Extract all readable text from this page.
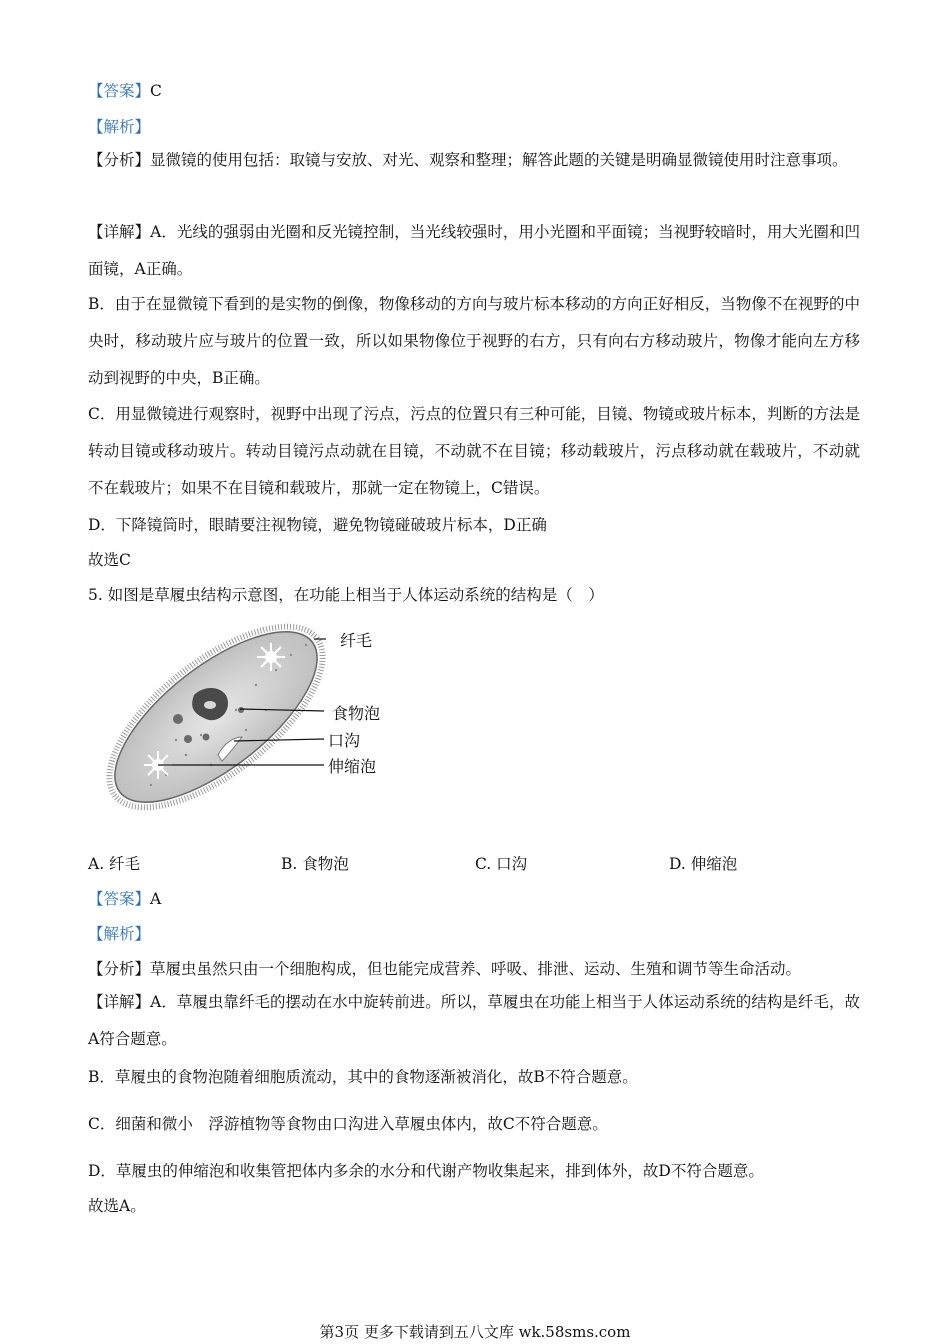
【答案】C
【解析】
【分析】显微镜的使用包括：取镜与安放、对光、观察和整理；解答此题的关键是明确显微镜使用时注意事项。
【详解】A．光线的强弱由光圈和反光镜控制，当光线较强时，用小光圈和平面镜；当视野较暗时，用大光圈和凹面镜，A正确。
B．由于在显微镜下看到的是实物的倒像，物像移动的方向与玻片标本移动的方向正好相反，当物像不在视野的中央时，移动玻片应与玻片的位置一致，所以如果物像位于视野的右方，只有向右方移动玻片，物像才能向左方移动到视野的中央，B正确。
C．用显微镜进行观察时，视野中出现了污点，污点的位置只有三种可能，目镜、物镜或玻片标本，判断的方法是转动目镜或移动玻片。转动目镜污点动就在目镜，不动就不在目镜；移动载玻片，污点移动就在载玻片，不动就不在载玻片；如果不在目镜和载玻片，那就一定在物镜上，C错误。
D．下降镜筒时，眼睛要注视物镜，避免物镜碰破玻片标本，D正确
故选C
5. 如图是草履虫结构示意图，在功能上相当于人体运动系统的结构是（　）
纤毛
食物泡
口沟
伸缩泡
A. 纤毛	B. 食物泡	C. 口沟	D. 伸缩泡
【答案】A
【解析】
【分析】草履虫虽然只由一个细胞构成，但也能完成营养、呼吸、排泄、运动、生殖和调节等生命活动。
【详解】A．草履虫靠纤毛的摆动在水中旋转前进。所以，草履虫在功能上相当于人体运动系统的结构是纤毛，故A符合题意。
B．草履虫的食物泡随着细胞质流动，其中的食物逐渐被消化，故B不符合题意。
C．细菌和微小　浮游植物等食物由口沟进入草履虫体内，故C不符合题意。
D．草履虫的伸缩泡和收集管把体内多余的水分和代谢产物收集起来，排到体外，故D不符合题意。
故选A。
第3页 更多下载请到五八文库 wk.58sms.com
